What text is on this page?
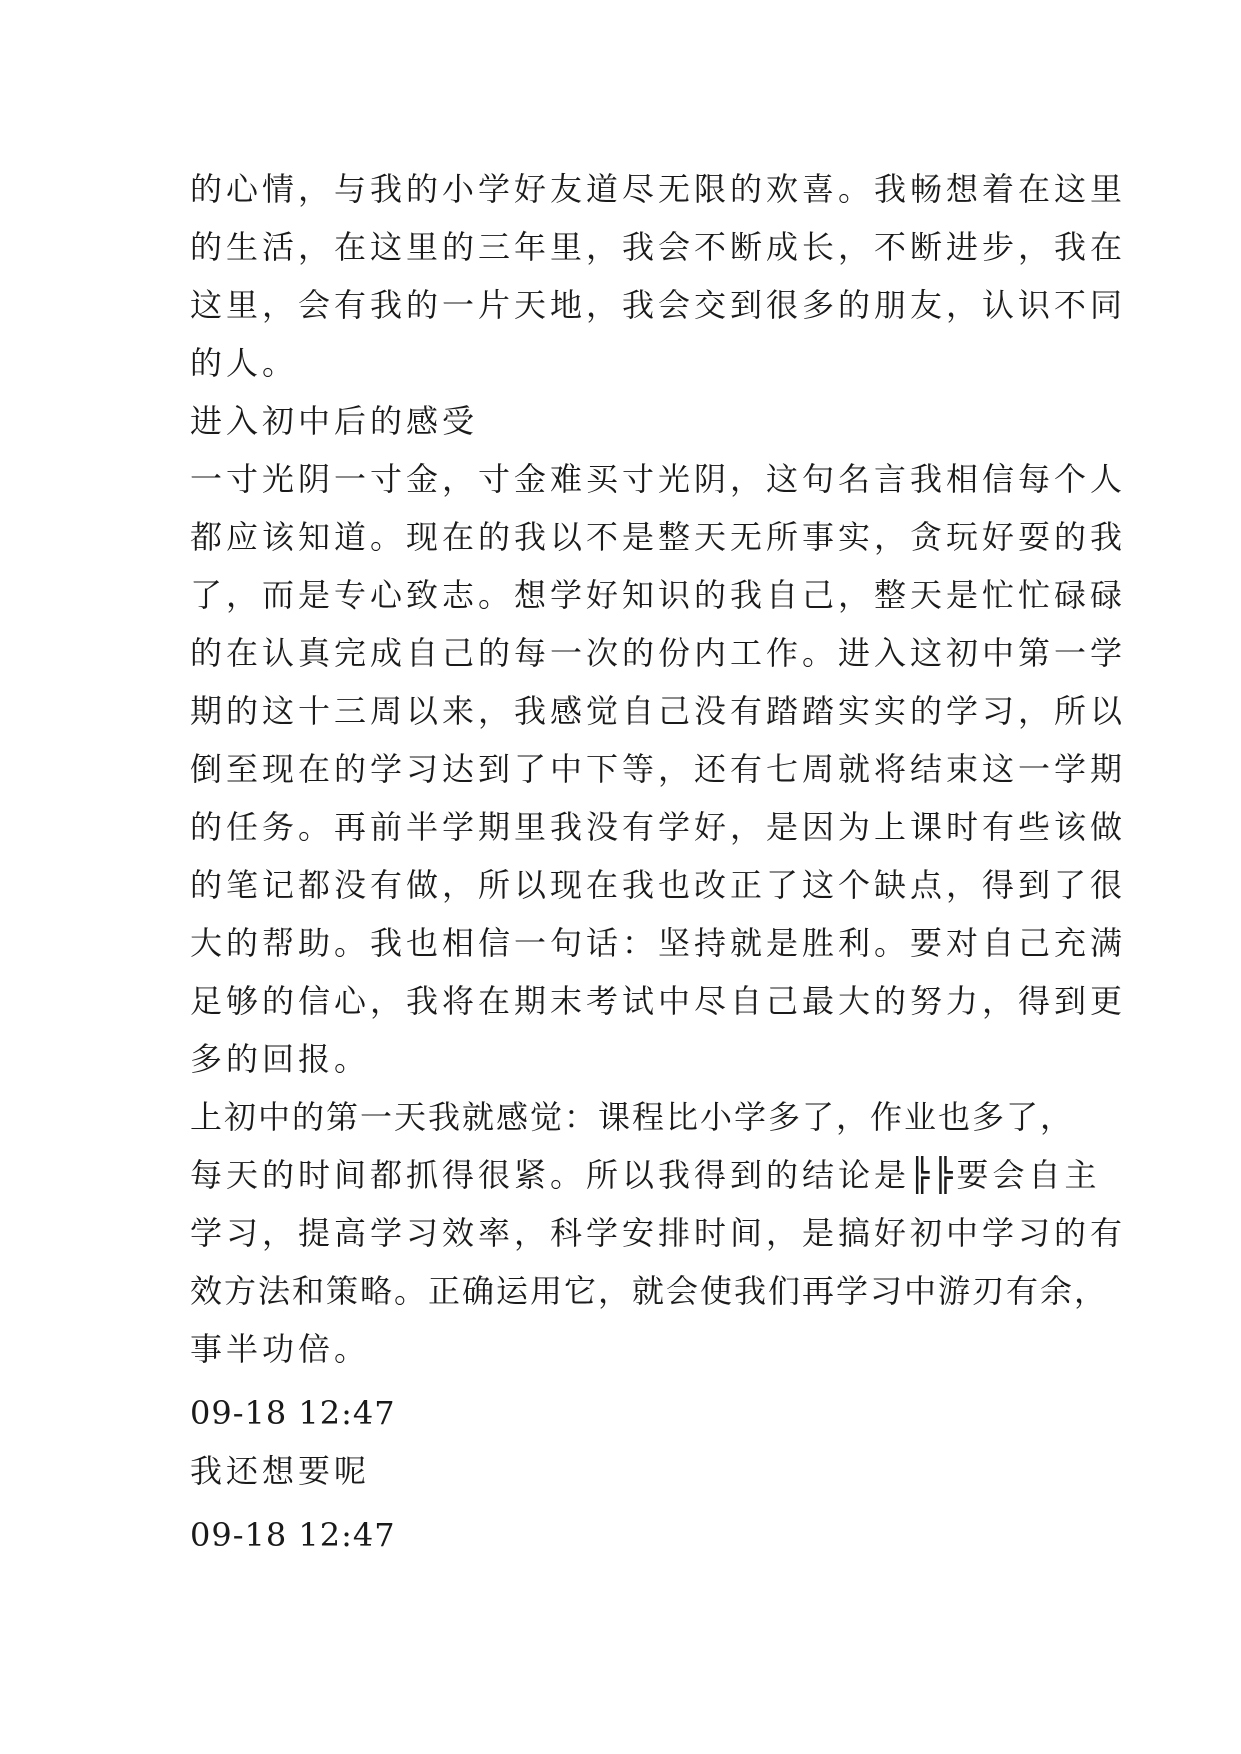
的心情，与我的小学好友道尽无限的欢喜。我畅想着在这里
的生活，在这里的三年里，我会不断成长，不断进步，我在
这里，会有我的一片天地，我会交到很多的朋友，认识不同
的人。
进入初中后的感受
一寸光阴一寸金，寸金难买寸光阴，这句名言我相信每个人
都应该知道。现在的我以不是整天无所事实，贪玩好耍的我
了，而是专心致志。想学好知识的我自己，整天是忙忙碌碌
的在认真完成自己的每一次的份内工作。进入这初中第一学
期的这十三周以来，我感觉自己没有踏踏实实的学习，所以
倒至现在的学习达到了中下等，还有七周就将结束这一学期
的任务。再前半学期里我没有学好，是因为上课时有些该做
的笔记都没有做，所以现在我也改正了这个缺点，得到了很
大的帮助。我也相信一句话：坚持就是胜利。要对自己充满
足够的信心，我将在期末考试中尽自己最大的努力，得到更
多的回报。
上初中的第一天我就感觉：课程比小学多了，作业也多了，
每天的时间都抓得很紧。所以我得到的结论是╠╠要会自主
学习，提高学习效率，科学安排时间，是搞好初中学习的有
效方法和策略。正确运用它，就会使我们再学习中游刃有余，
事半功倍。
09-18 12:47
我还想要呢
09-18 12:47
